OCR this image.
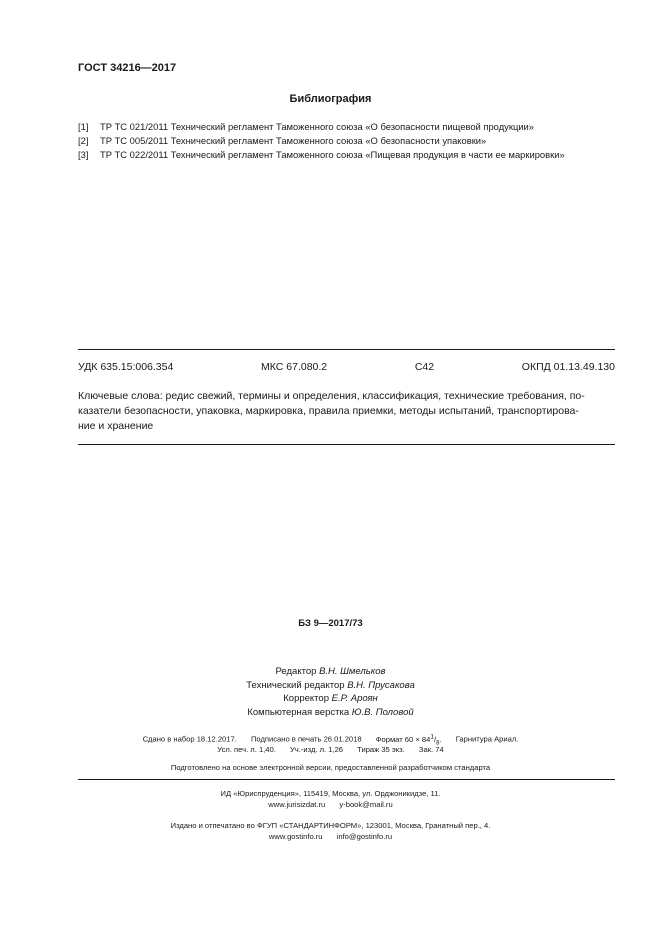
ГОСТ 34216—2017
Библиография
[1] ТР ТС 021/2011 Технический регламент Таможенного союза «О безопасности пищевой продукции»
[2] ТР ТС 005/2011 Технический регламент Таможенного союза «О безопасности упаковки»
[3] ТР ТС 022/2011 Технический регламент Таможенного союза «Пищевая продукция в части ее маркировки»
УДК 635.15:006.354	МКС 67.080.2	С42	ОКПД 01.13.49.130
Ключевые слова: редис свежий, термины и определения, классификация, технические требования, по-
казатели безопасности, упаковка, маркировка, правила приемки, методы испытаний, транспортирова-
ние и хранение
БЗ 9—2017/73
Редактор В.Н. Шмельков
Технический редактор В.Н. Прусакова
Корректор Е.Р. Ароян
Компьютерная верстка Ю.В. Половой
Сдано в набор 18.12.2017. Подписано в печать 26.01.2018 Формат $60 \times 84^1/_8$. Гарнитура Ариал.
Усл. печ. л. 1,40. Уч.-изд. л. 1,26 Тираж 35 экз. Зак. 74
Подготовлено на основе электронной версии, предоставленной разработчиком стандарта
ИД «Юриспруденция», 115419, Москва, ул. Орджоникидзе, 11.
www.jurisizdat.ru y-book@mail.ru
Издано и отпечатано во ФГУП «СТАНДАРТИНФОРМ», 123001, Москва, Гранатный пер., 4.
www.gostinfo.ru info@gostinfo.ru
